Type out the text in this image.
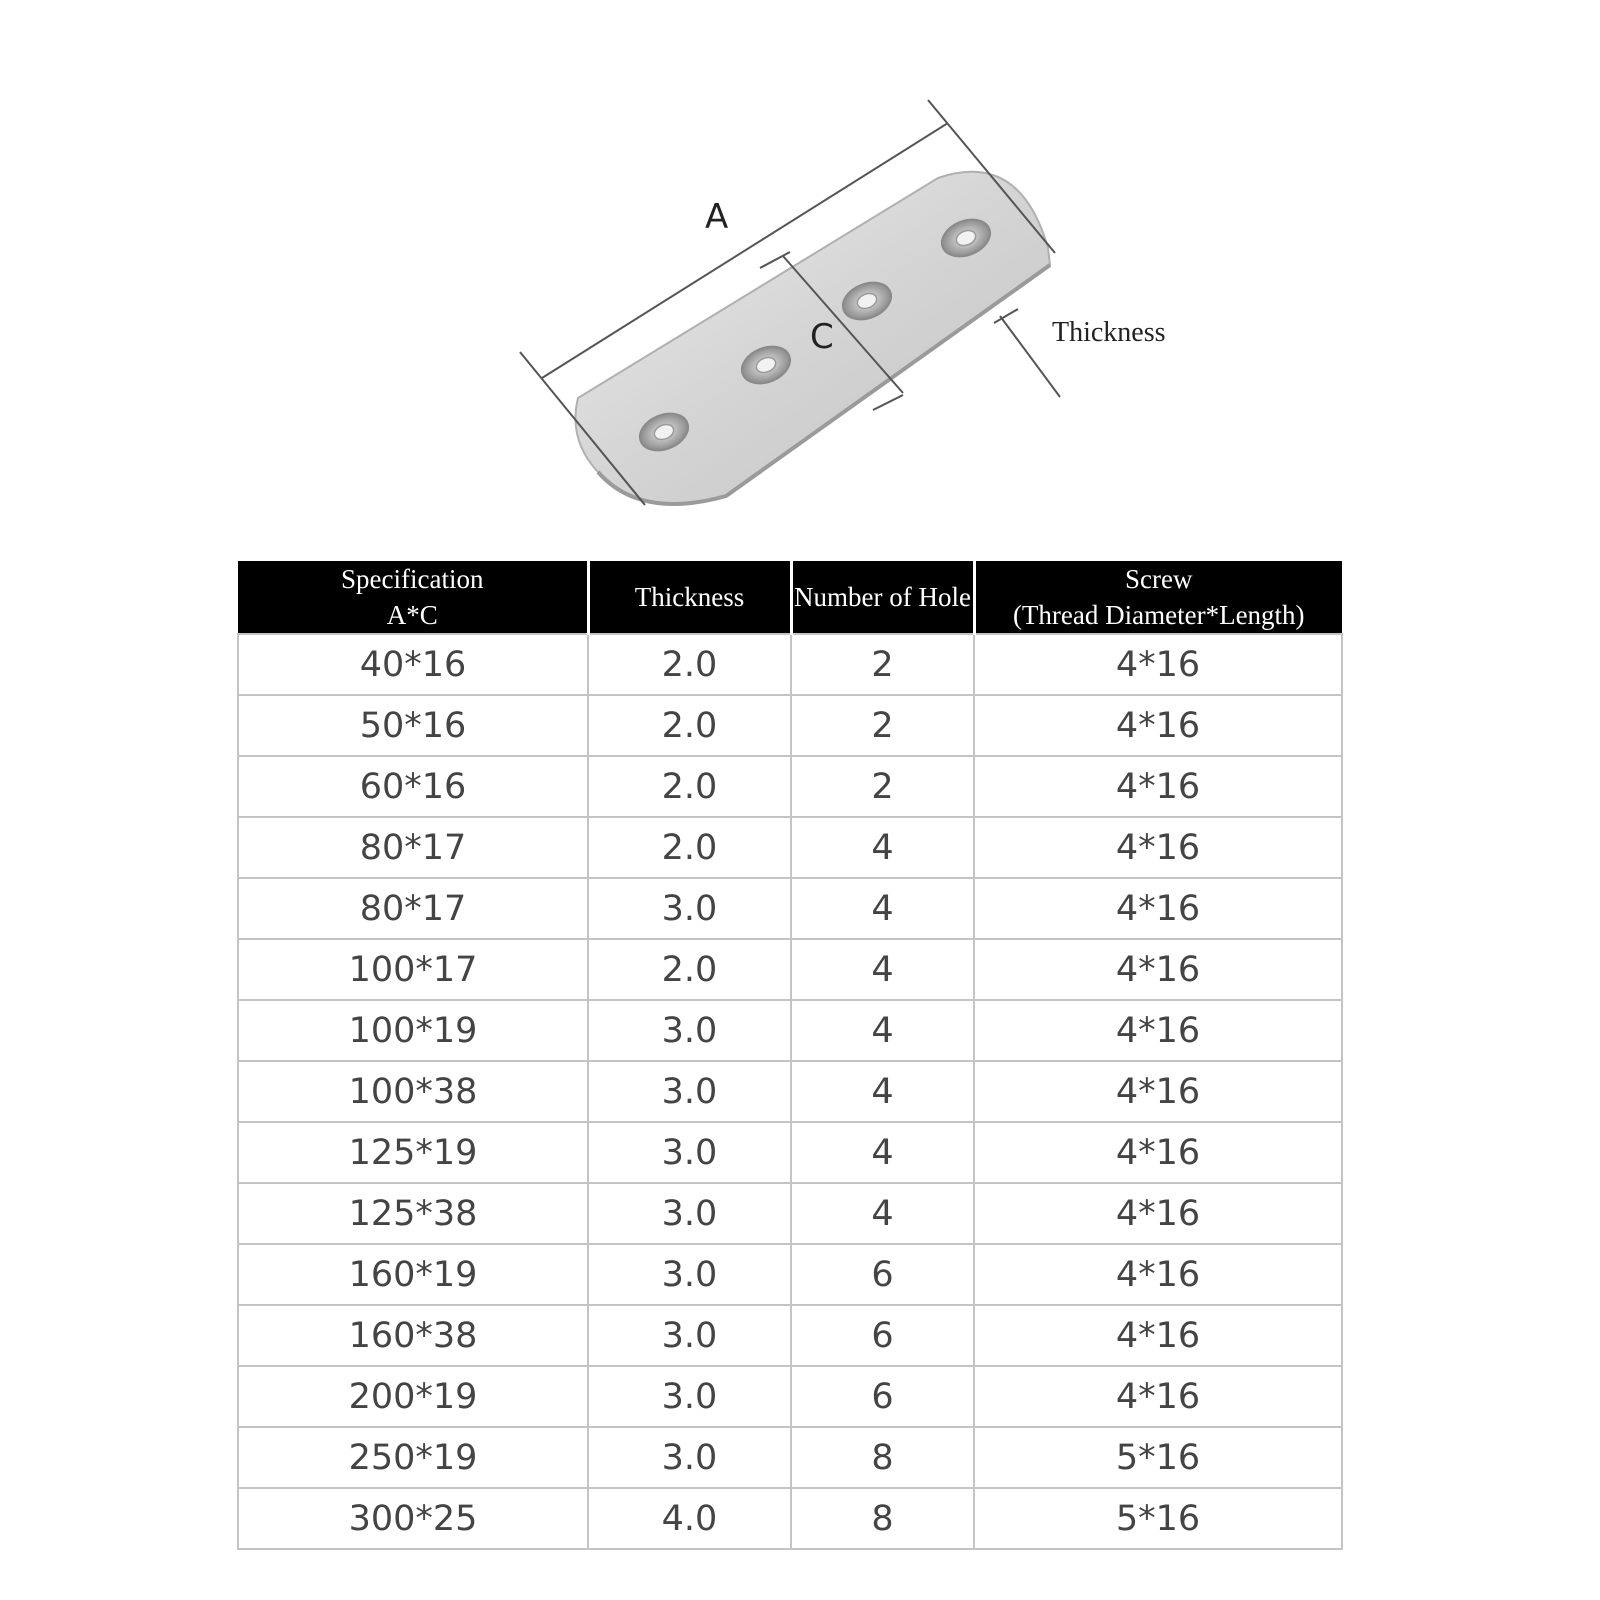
A
C	Thickness
Specification
A*C	Thickness	Number of Hole	Screw
(Thread Diameter*Length)
40*16	2.0	2	4*16
50*16	2.0	2	4*16
60*16	2.0	2	4*16
80*17	2.0	4	4*16
80*17	3.0	4	4*16
100*17	2.0	4	4*16
100*19	3.0	4	4*16
100*38	3.0	4	4*16
125*19	3.0	4	4*16
125*38	3.0	4	4*16
160*19	3.0	6	4*16
160*38	3.0	6	4*16
200*19	3.0	6	4*16
250*19	3.0	8	5*16
300*25	4.0	8	5*16
